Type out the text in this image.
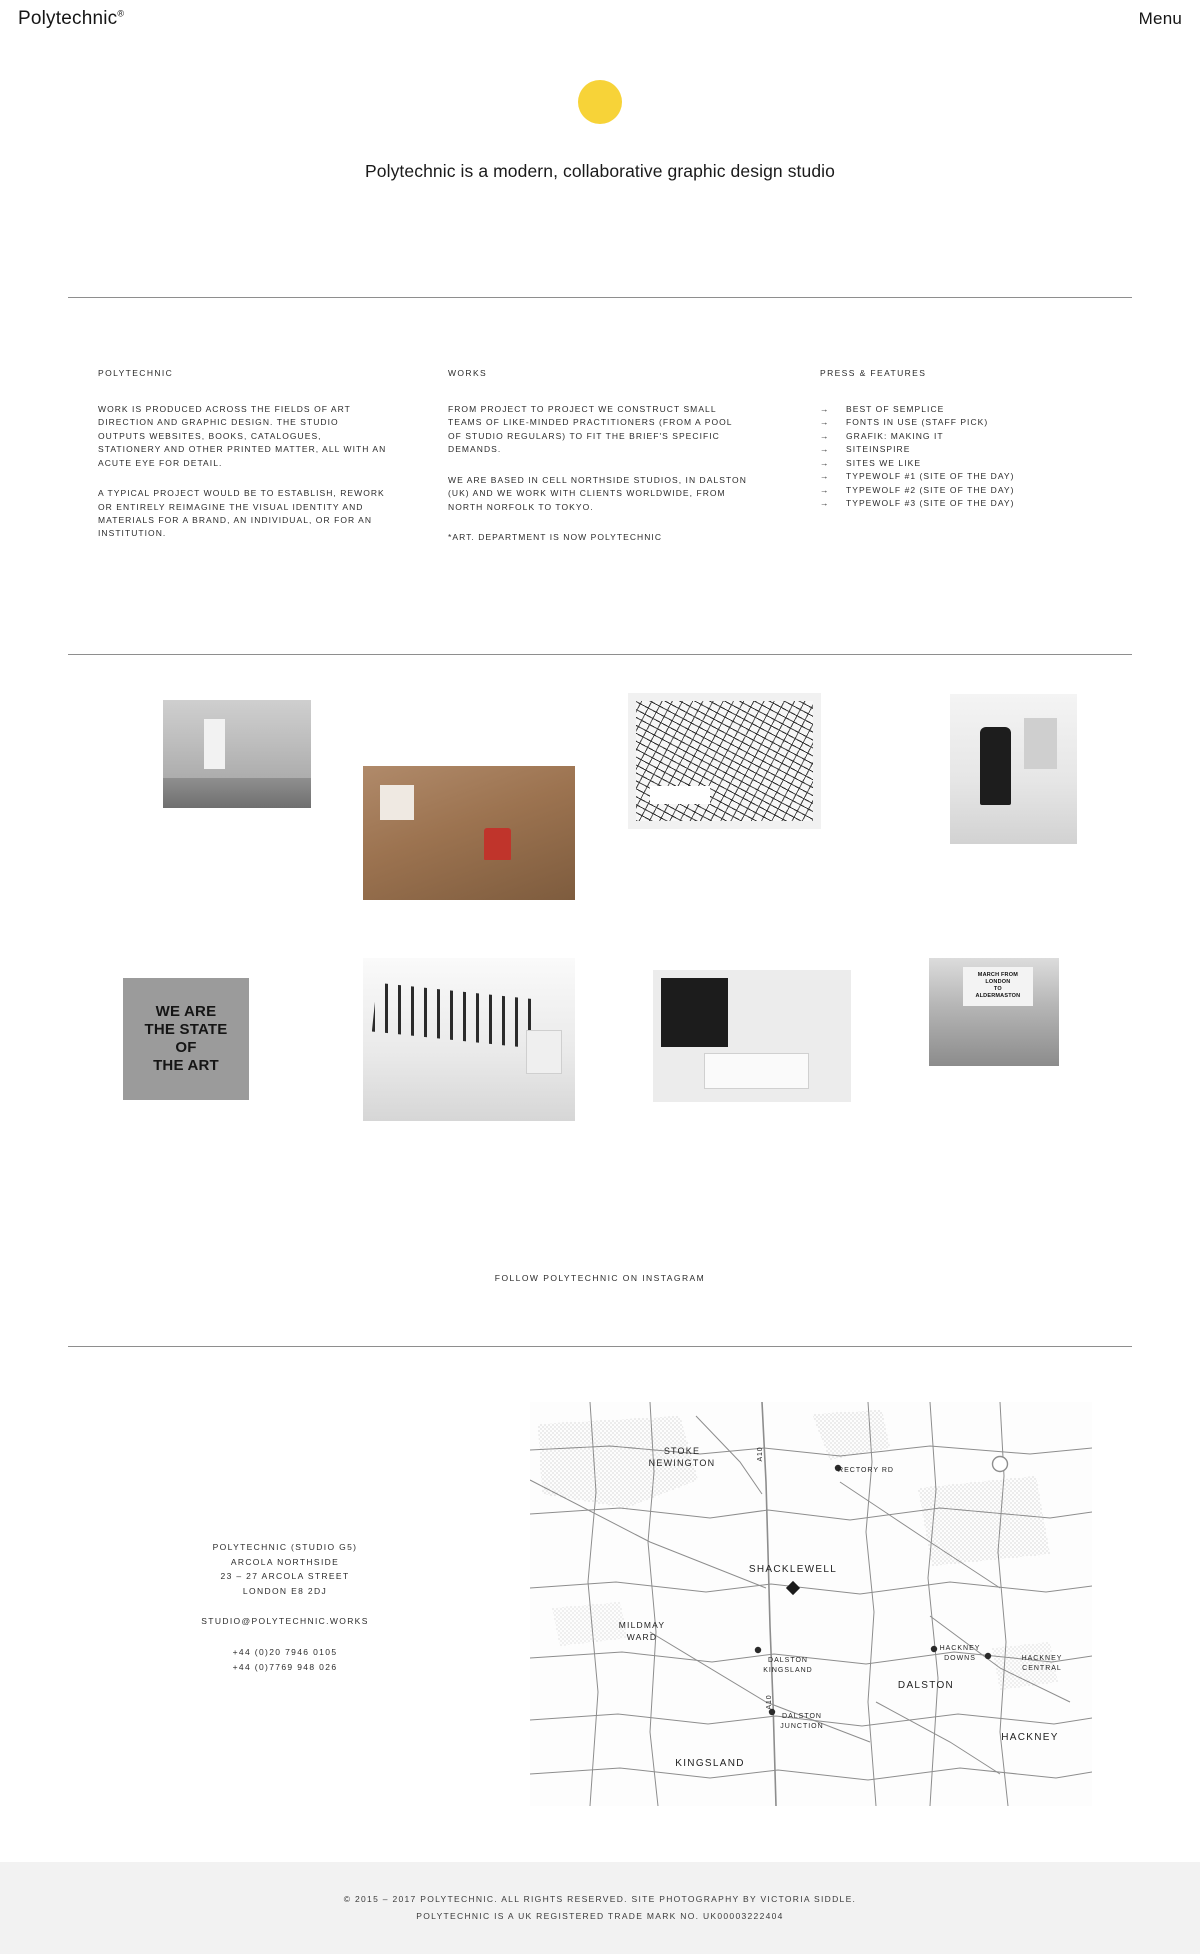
Polytechnic®	Menu
Polytechnic is a modern, collaborative graphic design studio
POLYTECHNIC
WORK IS PRODUCED ACROSS THE FIELDS OF ART DIRECTION AND GRAPHIC DESIGN. THE STUDIO OUTPUTS WEBSITES, BOOKS, CATALOGUES, STATIONERY AND OTHER PRINTED MATTER, ALL WITH AN ACUTE EYE FOR DETAIL.
A TYPICAL PROJECT WOULD BE TO ESTABLISH, REWORK OR ENTIRELY REIMAGINE THE VISUAL IDENTITY AND MATERIALS FOR A BRAND, AN INDIVIDUAL, OR FOR AN INSTITUTION.
WORKS
FROM PROJECT TO PROJECT WE CONSTRUCT SMALL TEAMS OF LIKE-MINDED PRACTITIONERS (FROM A POOL OF STUDIO REGULARS) TO FIT THE BRIEF'S SPECIFIC DEMANDS.
WE ARE BASED IN CELL NORTHSIDE STUDIOS, IN DALSTON (UK) AND WE WORK WITH CLIENTS WORLDWIDE, FROM NORTH NORFOLK TO TOKYO.
*ART. DEPARTMENT IS NOW POLYTECHNIC
PRESS & FEATURES
→	BEST OF SEMPLICE
→	FONTS IN USE (STAFF PICK)
→	GRAFIK: MAKING IT
→	SITEINSPIRE
→	SITES WE LIKE
→	TYPEWOLF #1 (SITE OF THE DAY)
→	TYPEWOLF #2 (SITE OF THE DAY)
→	TYPEWOLF #3 (SITE OF THE DAY)
WE ARE
THE STATE
OF
THE ART
MARCH FROM
LONDON
TO
ALDERMASTON
FOLLOW POLYTECHNIC ON INSTAGRAM
POLYTECHNIC (STUDIO G5)
ARCOLA NORTHSIDE
23 – 27 ARCOLA STREET
LONDON E8 2DJ
STUDIO@POLYTECHNIC.WORKS
+44 (0)20 7946 0105
+44 (0)7769 948 026
STOKE
NEWINGTON
RECTORY RD
SHACKLEWELL
MILDMAY
WARD
HACKNEY
DOWNS	HACKNEY
CENTRAL
DALSTON
KINGSLAND
DALSTON
DALSTON
JUNCTION
HACKNEY
KINGSLAND
A10
A10
© 2015 – 2017 POLYTECHNIC. ALL RIGHTS RESERVED. SITE PHOTOGRAPHY BY VICTORIA SIDDLE.
POLYTECHNIC IS A UK REGISTERED TRADE MARK NO. UK00003222404
